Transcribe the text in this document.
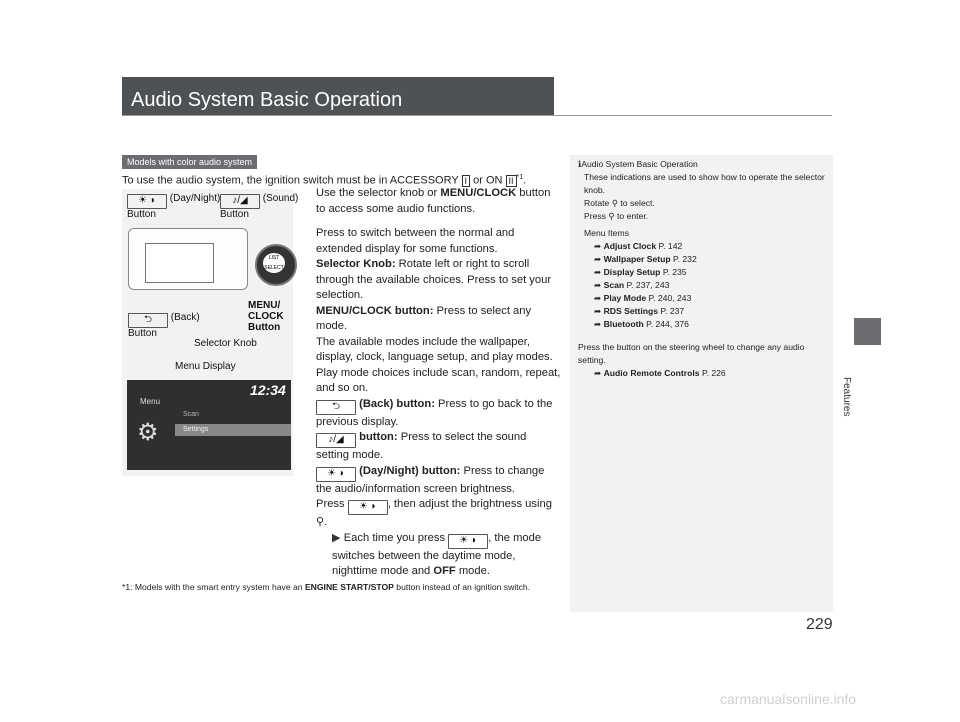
Audio System Basic Operation
Features
229
Models with color audio system
To use the audio system, the ignition switch must be in ACCESSORY I or ON II $^{*1}$.
☀ ◗ (Day/Night)
Button
♪/◢ (Sound)
Button
LIST SELECT
⮌ (Back)
Button
MENU/ CLOCK Button
Selector Knob
Menu Display
12:34
Menu
⚙
Scan
Settings

Use the selector knob or MENU/CLOCK button to access some audio functions.

Press to switch between the normal and extended display for some functions.

Selector Knob: Rotate left or right to scroll through the available choices. Press to set your selection.

MENU/CLOCK button: Press to select any mode.

The available modes include the wallpaper, display, clock, language setup, and play modes. Play mode choices include scan, random, repeat, and so on.

⮌ (Back) button: Press to go back to the previous display.

♪/◢ button: Press to select the sound setting mode.

☀ ◗ (Day/Night) button: Press to change the audio/information screen brightness.

Press ☀ ◗ , then adjust the brightness using ⚲.

▶ Each time you press ☀ ◗ , the mode switches between the daytime mode, nighttime mode and OFF mode.

*1: Models with the smart entry system have an ENGINE START/STOP button instead of an ignition switch.

ℹAudio System Basic Operation

These indications are used to show how to operate the selector knob.

Rotate ⚲ to select.

Press ⚲ to enter.

Menu Items

➦ Adjust Clock P. 142

➦ Wallpaper Setup P. 232

➦ Display Setup P. 235

➦ Scan P. 237, 243

➦ Play Mode P. 240, 243

➦ RDS Settings P. 237

➦ Bluetooth P. 244, 376

Press the button on the steering wheel to change any audio setting.

➦ Audio Remote Controls P. 226

carmanualsonline.info
